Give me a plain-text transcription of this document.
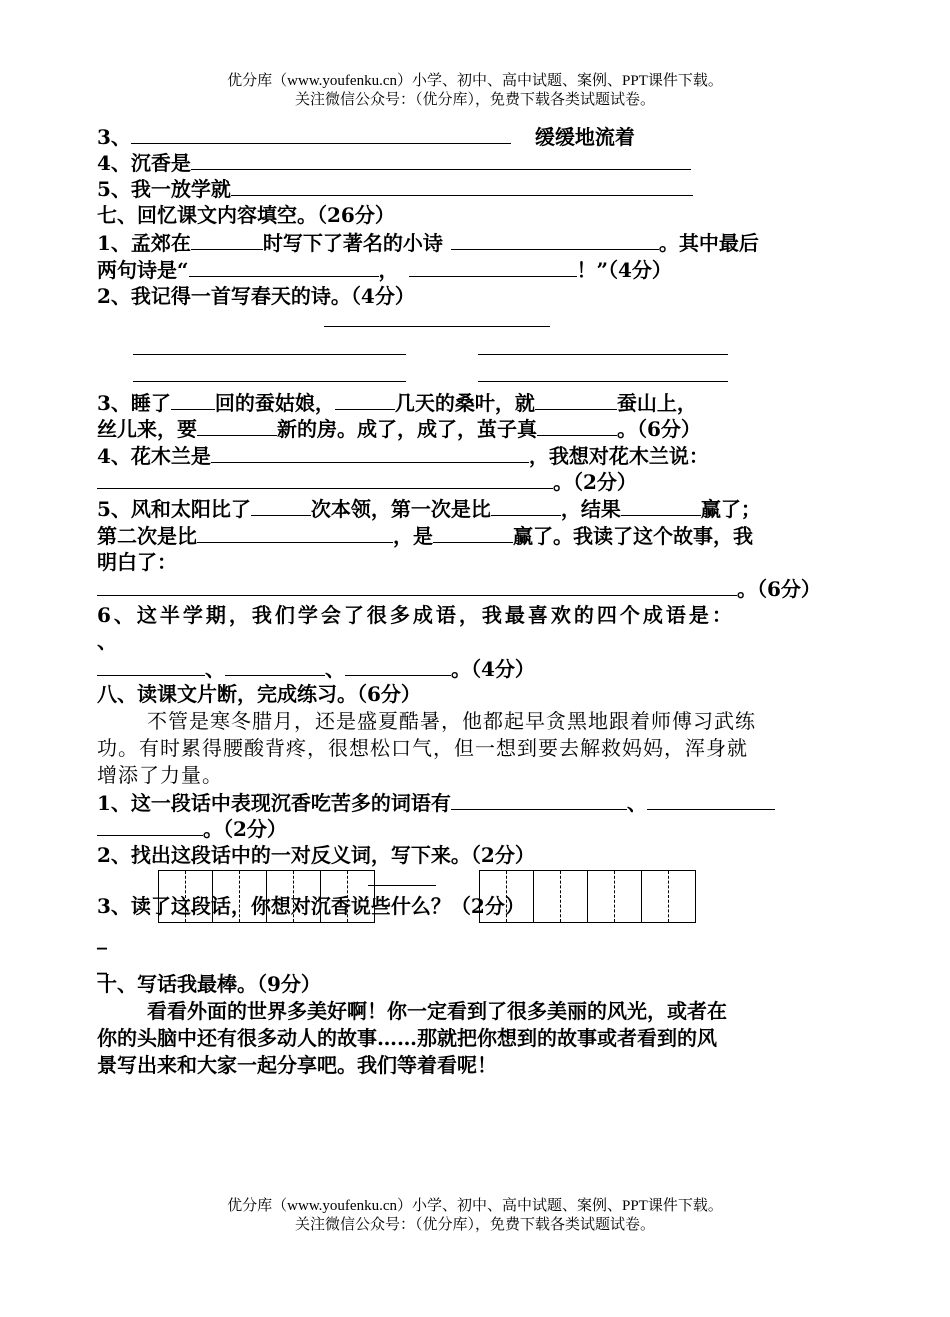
优分库（www.youfenku.cn）小学、初中、高中试题、案例、PPT课件下载。
关注微信公众号：（优分库），免费下载各类试题试卷。
3、	缓缓地流着
4、沉香是
5、我一放学就
七、回忆课文内容填空。（26分）
1、孟郊在	时写下了著名的小诗	。其中最后
两句诗是“	，	！”（4分）
2、我记得一首写春天的诗。（4分）
3、睡了 回的蚕姑娘，	几天的桑叶，就	蚕山上，
丝儿来，要	新的房。成了，成了，茧子真	。（6分）
4、花木兰是	，我想对花木兰说：
。（2分）
5、风和太阳比了	次本领，第一次是比	，结果	赢了；
第二次是比	，是	赢了。我读了这个故事，我
明白了：
。（6分）
6、这半学期，我们学会了很多成语，我最喜欢的四个成语是：
、
、	、	。（4分）
八、读课文片断，完成练习。（6分）
不管是寒冬腊月，还是盛夏酷暑，他都起早贪黑地跟着师傅习武练
功。有时累得腰酸背疼，很想松口气，但一想到要去解救妈妈，浑身就
增添了力量。
1、这一段话中表现沉香吃苦多的词语有	、
。（2分）
2、找出这段话中的一对反义词，写下来。（2分）
3、读了这段话，你想对沉香说些什么？（2分）
_
_
十、写话我最棒。（9分）
看看外面的世界多美好啊！你一定看到了很多美丽的风光，或者在
你的头脑中还有很多动人的故事……那就把你想到的故事或者看到的风
景写出来和大家一起分享吧。我们等着看呢！
优分库（www.youfenku.cn）小学、初中、高中试题、案例、PPT课件下载。
关注微信公众号：（优分库），免费下载各类试题试卷。
